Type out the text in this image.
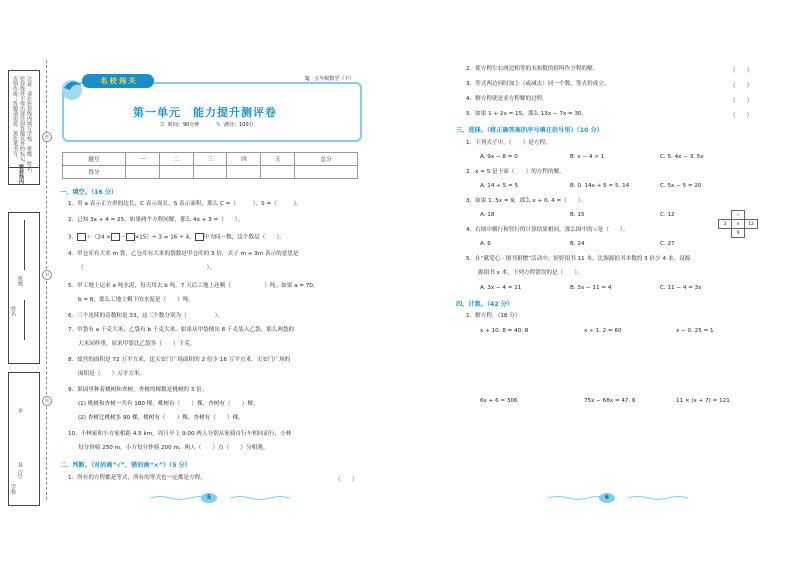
注意：请在密封线内填写学校、班级、姓名，
密封线外不得出现任何答题以外的标记，
否则作废；答题请用蓝、黑色笔书写。
密封线内
班级
姓名
乡
县（区）
学校
密
封
线
名 校 闯 关	SJ · 五年级数学（下）
第一单元　能力提升测评卷
⏱ 时间：90分钟	✎ 满分：100分
题号	一	二	三	四	五	总分
得分						
一、填空。（16 分）
1．用 a 表示正方形的边长，C 表示周长，S 表示面积，那么 C =（　　　），S =（　　　）。
2．已知 3x + 4 = 25，如果两个方程同解，那么 4x + 3 =（　　）。
3． ＋（24 × － ×15）÷ 3 = 16 ÷ 4， 中为同一数，这个数是（　　）。
4．甲仓库有大米 m 袋，乙仓库有大米的袋数是甲仓库的 3 倍，式子 m + 3m 表示的意思是
（　　　　　　　　　　　　　　　　　　　　　　）。
5．甲工地上运来 a 吨水泥，每天用去 b 吨，7 天后工地上还剩（　　　　　　）吨。如果 a = 70，
b = 8，那么工地上剩下的水泥是（　　）吨。
6．三个连续的奇数和是 33，这三个数分别为（　　　　　）。
7．甲袋有 a 千克大米，乙袋有 b 千克大米。如果从甲袋倒出 8 千克装入乙袋，那么两袋的
大米同样重，原来甲袋比乙袋多（　　）千克。
8．故宫的面积是 72 万平方米，比天安门广场面积的 2 倍少 16 万平方米。天安门广场的
面积是（　　）万平方米。
9．果园里种着桃树和杏树，杏树的棵数是桃树的 3 倍。
(1) 桃树和杏树一共有 180 棵，桃树有（　　）棵，杏树有（　　）棵。
(2) 杏树比桃树多 90 棵，桃树有（　　）棵，杏树有（　　）棵。
10．小林家和小方家相距 4.5 km。周日早上 9:00 两人分别从家骑自行车相向而行，小林
每分钟骑 250 m，小方每分钟骑 200 m，两人（　　）点（　　）分相遇。
二、判断。（对的画“√”，错的画“×”）（5 分）
1．所有的方程都是等式，所有的等式也一定都是方程。	（　　）
5
2．使方程左右两边相等的未知数的值叫作方程的解。	（　　）
3．等式两边同时加上（或减去）同一个数，等式仍成立。	（　　）
4．解方程就是求方程解的过程。	（　　）
5．如果 1 + 2x = 15，那么 13x − 7x = 30。	（　　）
三、选择。（将正确答案的序号填在括号里）（10 分）
1．下列式子中，（　　）是方程。
A. 9x − 8 = 0	B. x − 4 > 1	C. 5. 4x − 3. 5x
2．x = 5 是下面（　　）的方程的解。
A. 14 ÷ 5 = 5	B. 0. 14x + 5 = 5. 14	C. 5x − 5 = 20
3．如果 1. 5x = 9，那么 x + 0. 4 =（　　）。
A. 18	B. 15	C. 12
4．右图中横行和竖行的计算结果相同，那么图中的☆是（　　）。
A. 6	B. 24	C. 27
	☆	
3	×	12
	9	
5．在“献爱心 · 图书捐赠”活动中，婷婷捐书 11 本，比源源捐书本数的 3 倍少 4 本。设源
源捐书 x 本，下列方程错误的是（　　）。
A. 3x − 4 = 11	B. 3x − 11 = 4	C. 11 − 4 = 3x
四、计算。（42 分）
1．解方程。（18 分）
x + 10. 8 = 40. 8	x ÷ 1. 2 = 60	x − 0. 25 = 1
6x + 6 = 306	75x − 68x = 47. 6	11 × (x + 7) = 121
6
